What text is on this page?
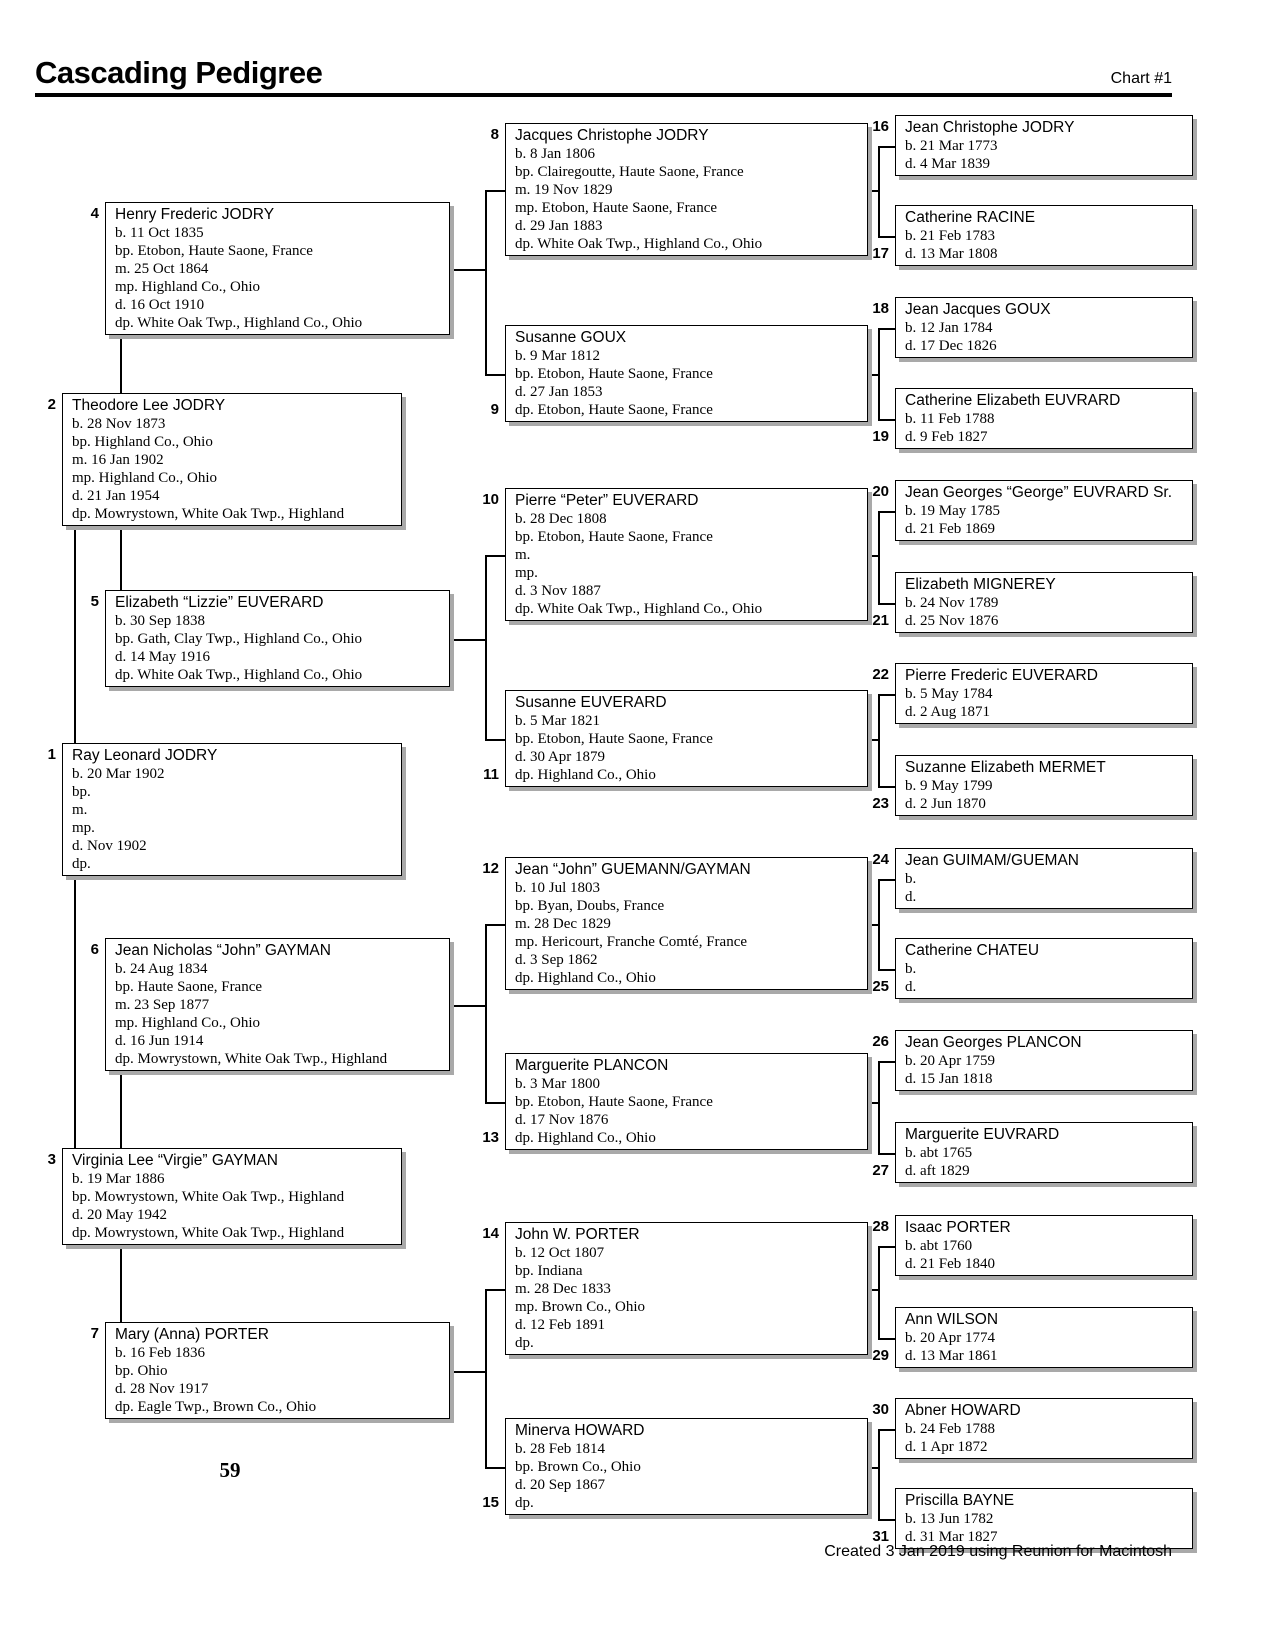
Cascading Pedigree	Chart #1
Ray Leonard JODRY
b. 20 Mar 1902
bp.
m.
mp.
d. Nov 1902
dp.
1
Theodore Lee JODRY
b. 28 Nov 1873
bp. Highland Co., Ohio
m. 16 Jan 1902
mp. Highland Co., Ohio
d. 21 Jan 1954
dp. Mowrystown, White Oak Twp., Highland
2
Virginia Lee “Virgie” GAYMAN
b. 19 Mar 1886
bp. Mowrystown, White Oak Twp., Highland
d. 20 May 1942
dp. Mowrystown, White Oak Twp., Highland
3
Henry Frederic JODRY
b. 11 Oct 1835
bp. Etobon, Haute Saone, France
m. 25 Oct 1864
mp. Highland Co., Ohio
d. 16 Oct 1910
dp. White Oak Twp., Highland Co., Ohio
4
Elizabeth “Lizzie” EUVERARD
b. 30 Sep 1838
bp. Gath, Clay Twp., Highland Co., Ohio
d. 14 May 1916
dp. White Oak Twp., Highland Co., Ohio
5
Jean Nicholas “John” GAYMAN
b. 24 Aug 1834
bp. Haute Saone, France
m. 23 Sep 1877
mp. Highland Co., Ohio
d. 16 Jun 1914
dp. Mowrystown, White Oak Twp., Highland
6
Mary (Anna) PORTER
b. 16 Feb 1836
bp. Ohio
d. 28 Nov 1917
dp. Eagle Twp., Brown Co., Ohio
7
Jacques Christophe JODRY
b. 8 Jan 1806
bp. Clairegoutte, Haute Saone, France
m. 19 Nov 1829
mp. Etobon, Haute Saone, France
d. 29 Jan 1883
dp. White Oak Twp., Highland Co., Ohio
8
Susanne GOUX
b. 9 Mar 1812
bp. Etobon, Haute Saone, France
d. 27 Jan 1853
dp. Etobon, Haute Saone, France
9
Pierre “Peter” EUVERARD
b. 28 Dec 1808
bp. Etobon, Haute Saone, France
m.
mp.
d. 3 Nov 1887
dp. White Oak Twp., Highland Co., Ohio
10
Susanne EUVERARD
b. 5 Mar 1821
bp. Etobon, Haute Saone, France
d. 30 Apr 1879
dp. Highland Co., Ohio
11
Jean “John” GUEMANN/GAYMAN
b. 10 Jul 1803
bp. Byan, Doubs, France
m. 28 Dec 1829
mp. Hericourt, Franche Comté, France
d. 3 Sep 1862
dp. Highland Co., Ohio
12
Marguerite PLANCON
b. 3 Mar 1800
bp. Etobon, Haute Saone, France
d. 17 Nov 1876
dp. Highland Co., Ohio
13
John W. PORTER
b. 12 Oct 1807
bp. Indiana
m. 28 Dec 1833
mp. Brown Co., Ohio
d. 12 Feb 1891
dp.
14
Minerva HOWARD
b. 28 Feb 1814
bp. Brown Co., Ohio
d. 20 Sep 1867
dp.
15
Jean Christophe JODRY
b. 21 Mar 1773
d. 4 Mar 1839
16
Catherine RACINE
b. 21 Feb 1783
d. 13 Mar 1808
17
Jean Jacques GOUX
b. 12 Jan 1784
d. 17 Dec 1826
18
Catherine Elizabeth EUVRARD
b. 11 Feb 1788
d. 9 Feb 1827
19
Jean Georges “George” EUVRARD Sr.
b. 19 May 1785
d. 21 Feb 1869
20
Elizabeth MIGNEREY
b. 24 Nov 1789
d. 25 Nov 1876
21
Pierre Frederic EUVERARD
b. 5 May 1784
d. 2 Aug 1871
22
Suzanne Elizabeth MERMET
b. 9 May 1799
d. 2 Jun 1870
23
Jean GUIMAM/GUEMAN
b.
d.
24
Catherine CHATEU
b.
d.
25
Jean Georges PLANCON
b. 20 Apr 1759
d. 15 Jan 1818
26
Marguerite EUVRARD
b. abt 1765
d. aft 1829
27
Isaac PORTER
b. abt 1760
d. 21 Feb 1840
28
Ann WILSON
b. 20 Apr 1774
d. 13 Mar 1861
29
Abner HOWARD
b. 24 Feb 1788
d. 1 Apr 1872
30
Priscilla BAYNE
b. 13 Jun 1782
d. 31 Mar 1827
31
59
Created 3 Jan 2019 using Reunion for Macintosh
